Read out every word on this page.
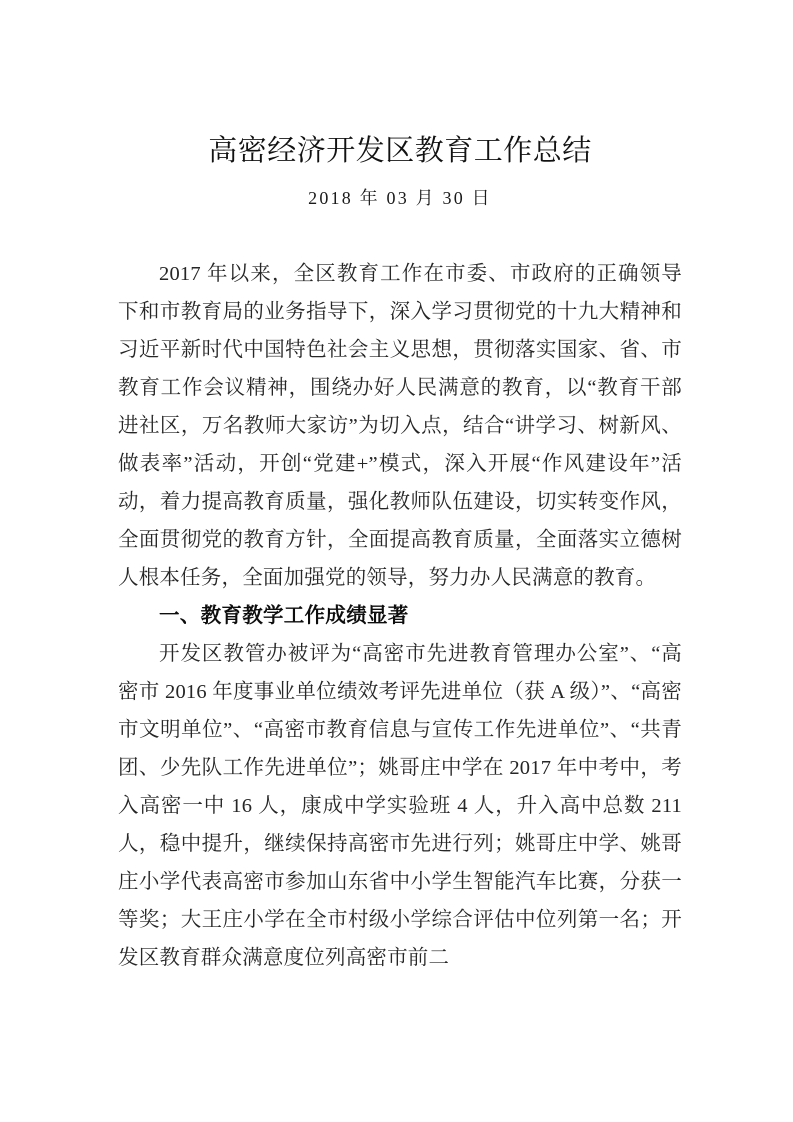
高密经济开发区教育工作总结
2018 年 03 月 30 日

2017 年以来，全区教育工作在市委、市政府的正确领导下和市教育局的业务指导下，深入学习贯彻党的十九大精神和习近平新时代中国特色社会主义思想，贯彻落实国家、省、市教育工作会议精神，围绕办好人民满意的教育，以“教育干部进社区，万名教师大家访”为切入点，结合“讲学习、树新风、做表率”活动，开创“党建+”模式，深入开展“作风建设年”活动，着力提高教育质量，强化教师队伍建设，切实转变作风，全面贯彻党的教育方针，全面提高教育质量，全面落实立德树人根本任务，全面加强党的领导，努力办人民满意的教育。

一、教育教学工作成绩显著

开发区教管办被评为“高密市先进教育管理办公室”、“高密市 2016 年度事业单位绩效考评先进单位（获 A 级）”、“高密市文明单位”、“高密市教育信息与宣传工作先进单位”、“共青团、少先队工作先进单位”；姚哥庄中学在 2017 年中考中，考入高密一中 16 人，康成中学实验班 4 人，升入高中总数 211 人，稳中提升，继续保持高密市先进行列；姚哥庄中学、姚哥庄小学代表高密市参加山东省中小学生智能汽车比赛，分获一等奖；大王庄小学在全市村级小学综合评估中位列第一名；开发区教育群众满意度位列高密市前二
